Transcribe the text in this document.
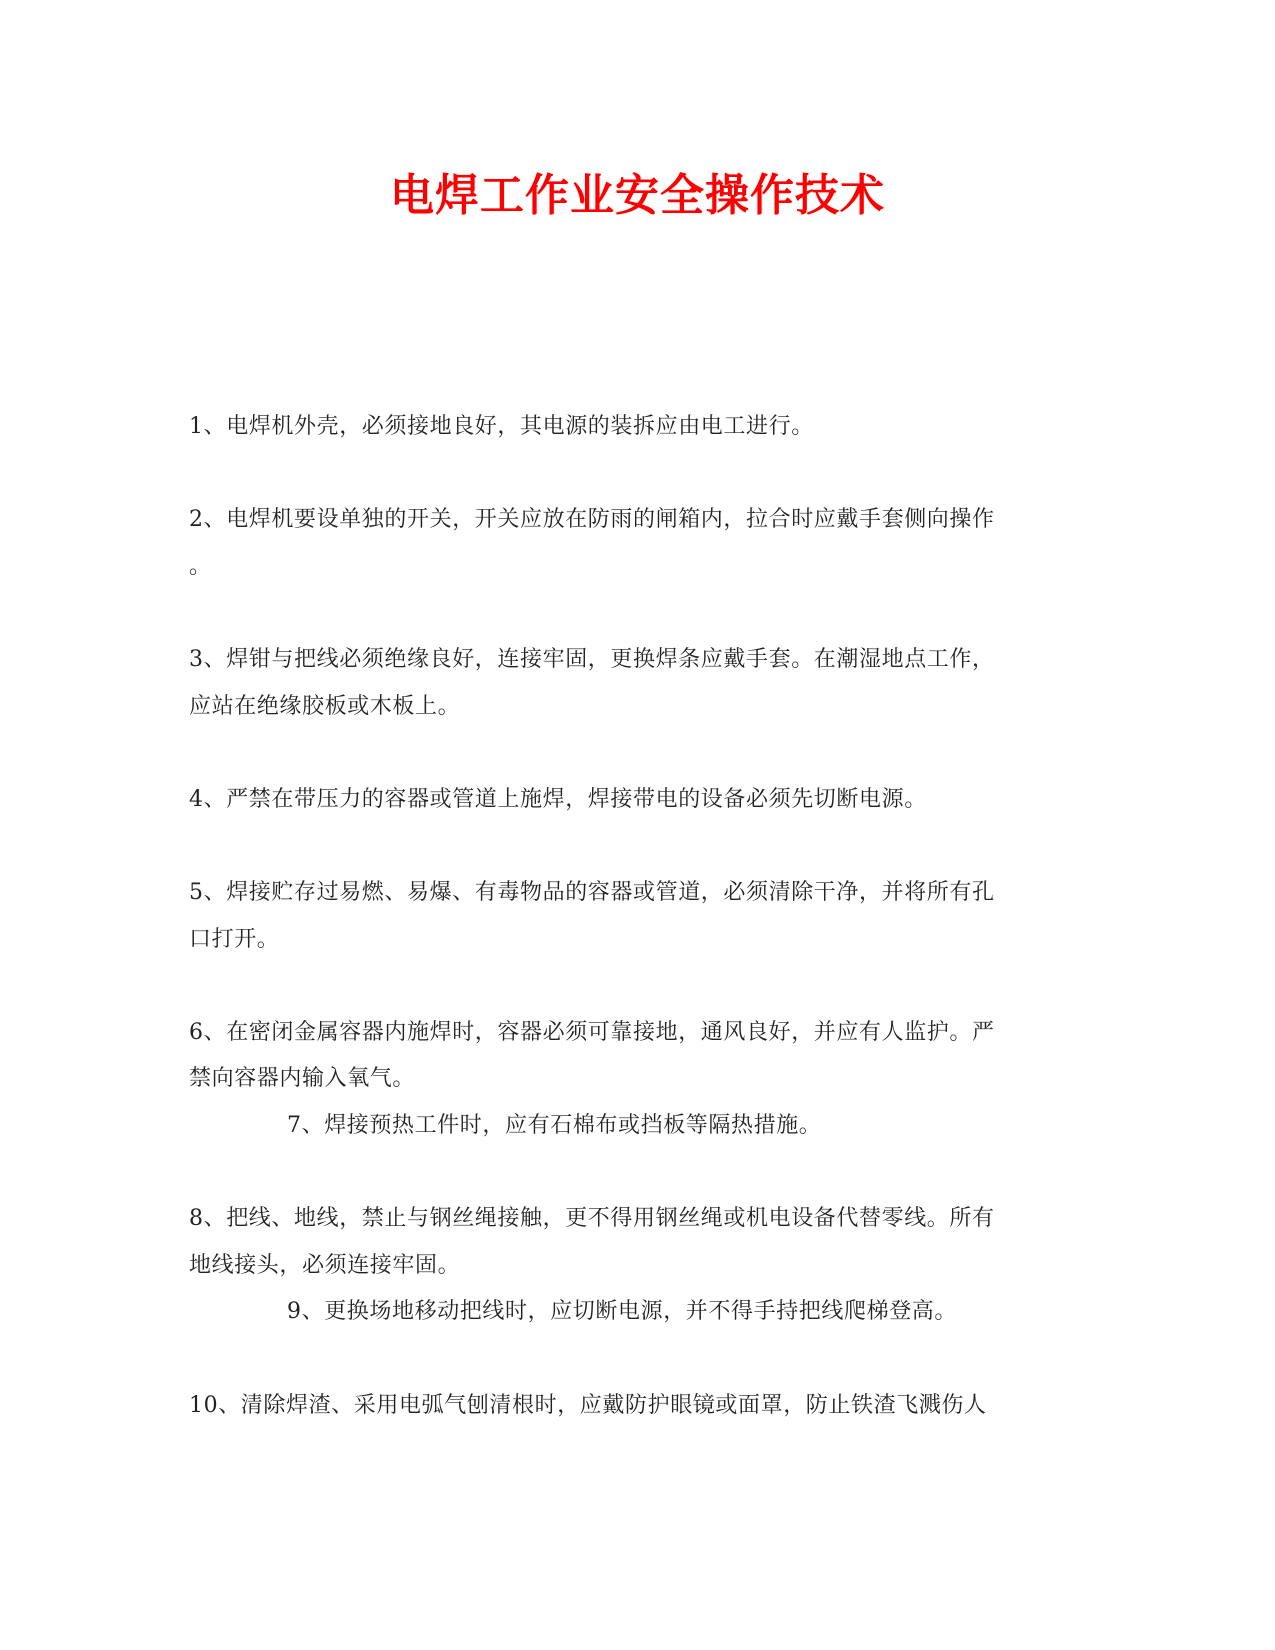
电焊工作业安全操作技术
1、电焊机外壳，必须接地良好，其电源的装拆应由电工进行。
2、电焊机要设单独的开关，开关应放在防雨的闸箱内，拉合时应戴手套侧向操作
。
3、焊钳与把线必须绝缘良好，连接牢固，更换焊条应戴手套。在潮湿地点工作，
应站在绝缘胶板或木板上。
4、严禁在带压力的容器或管道上施焊，焊接带电的设备必须先切断电源。
5、焊接贮存过易燃、易爆、有毒物品的容器或管道，必须清除干净，并将所有孔
口打开。
6、在密闭金属容器内施焊时，容器必须可靠接地，通风良好，并应有人监护。严
禁向容器内输入氧气。
7、焊接预热工件时，应有石棉布或挡板等隔热措施。
8、把线、地线，禁止与钢丝绳接触，更不得用钢丝绳或机电设备代替零线。所有
地线接头，必须连接牢固。
9、更换场地移动把线时，应切断电源，并不得手持把线爬梯登高。
10、清除焊渣、采用电弧气刨清根时，应戴防护眼镜或面罩，防止铁渣飞溅伤人
